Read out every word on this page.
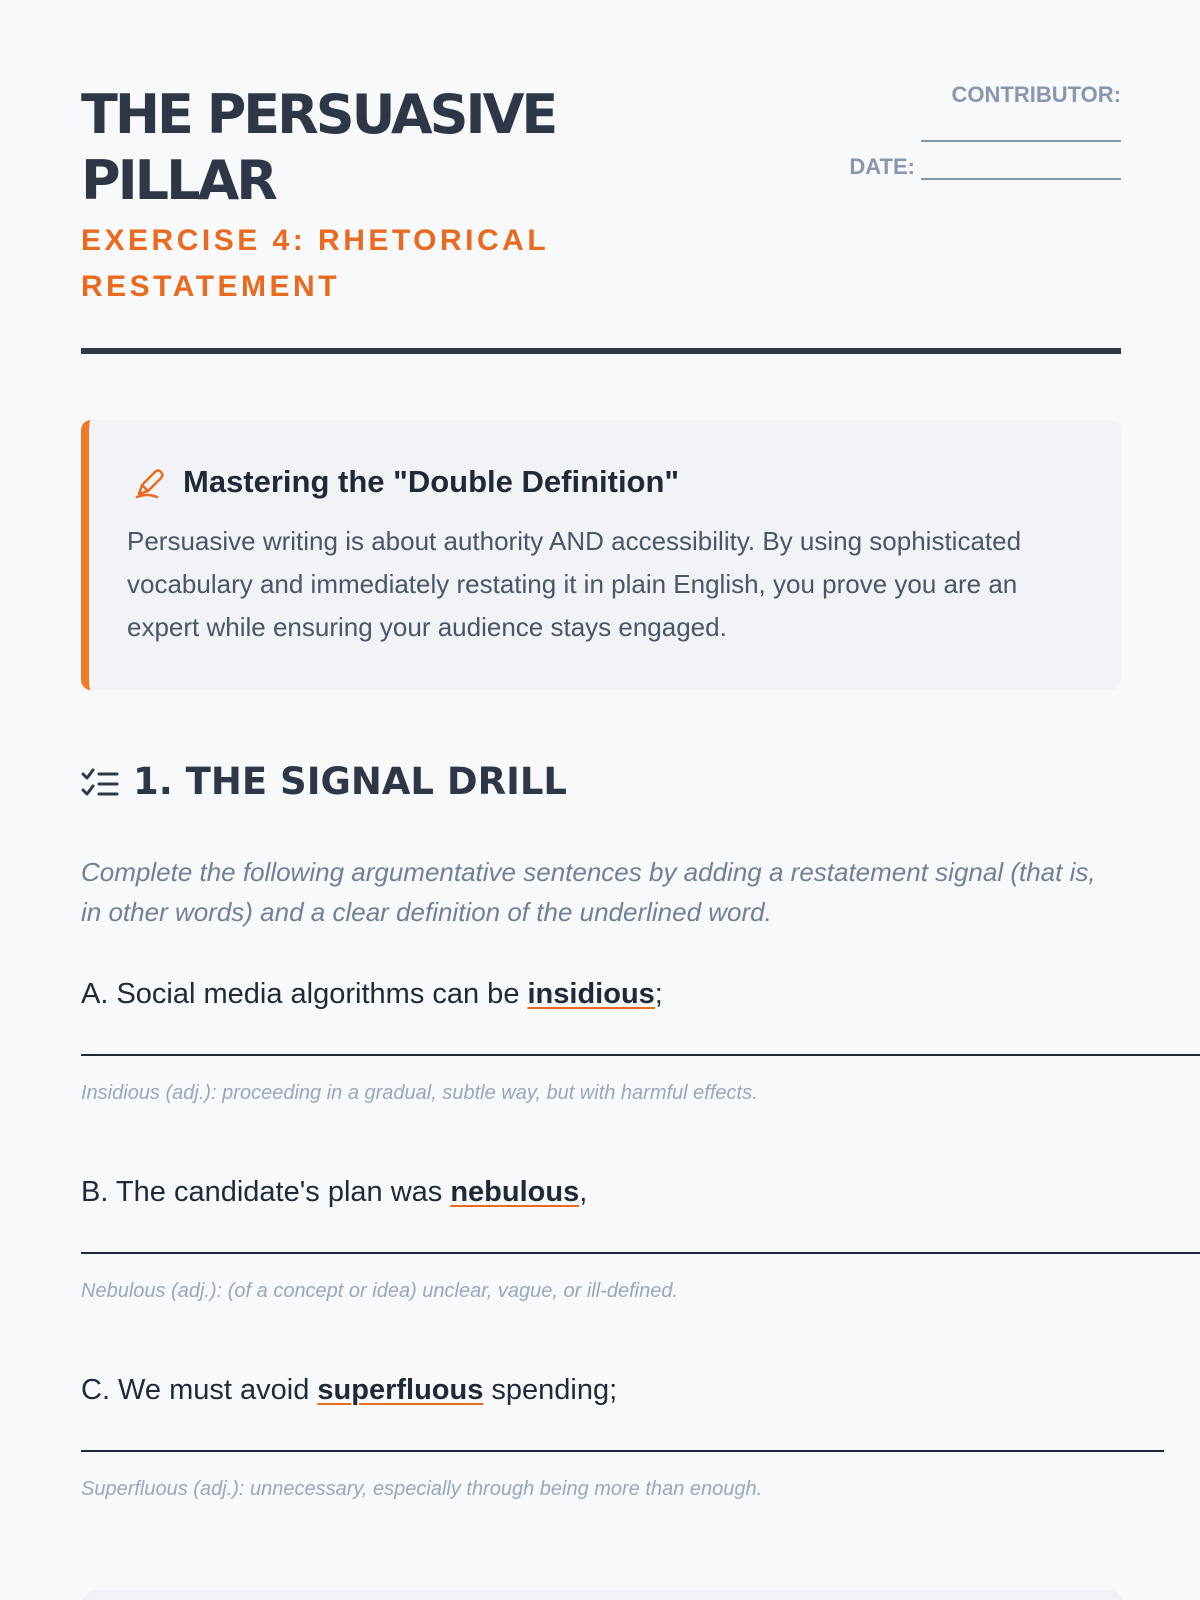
THE PERSUASIVE PILLAR
EXERCISE 4: RHETORICAL RESTATEMENT
CONTRIBUTOR:
DATE:
Mastering the "Double Definition"

Persuasive writing is about authority AND accessibility. By using sophisticated vocabulary and immediately restating it in plain English, you prove you are an expert while ensuring your audience stays engaged.

1. THE SIGNAL DRILL

Complete the following argumentative sentences by adding a restatement signal (that is, in other words) and a clear definition of the underlined word.

A. Social media algorithms can be insidious;

Insidious (adj.): proceeding in a gradual, subtle way, but with harmful effects.

B. The candidate's plan was nebulous,

Nebulous (adj.): (of a concept or idea) unclear, vague, or ill-defined.

C. We must avoid superfluous spending;

Superfluous (adj.): unnecessary, especially through being more than enough.
